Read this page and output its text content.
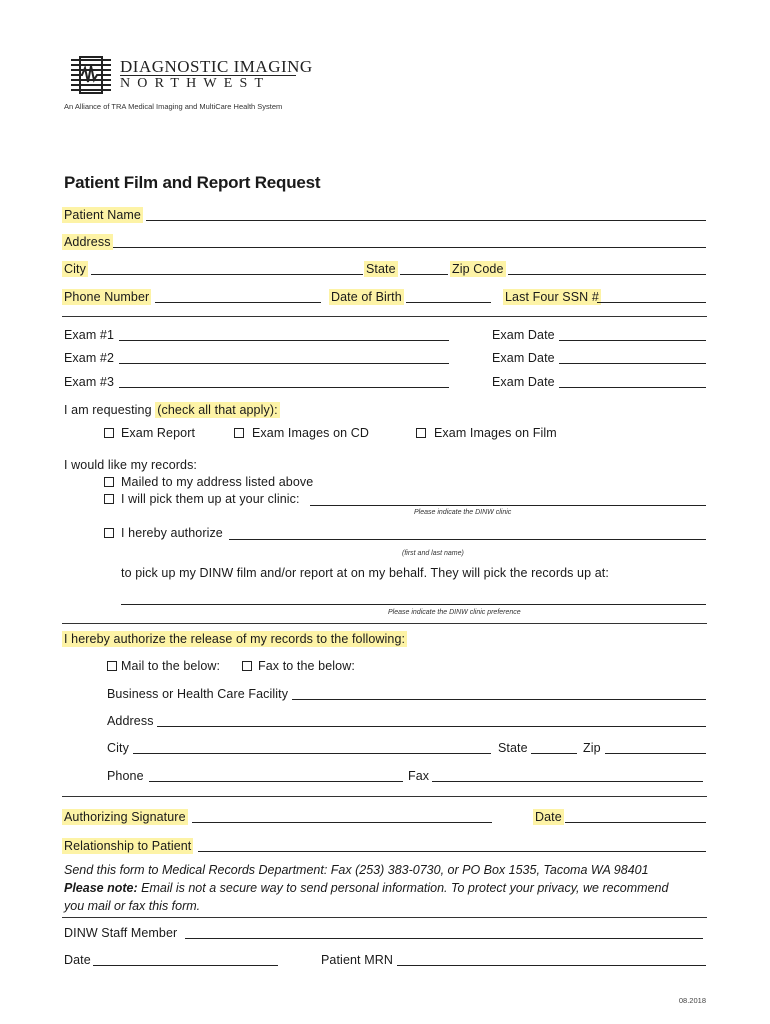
DIAGNOSTIC IMAGING
NORTHWEST
An Alliance of TRA Medical Imaging and MultiCare Health System
Patient Film and Report Request
Patient Name
Address
City	State	Zip Code
Phone Number	Date of Birth	Last Four SSN #
Exam #1	Exam Date
Exam #2	Exam Date
Exam #3	Exam Date
I am requesting (check all that apply):
Exam Report	Exam Images on CD	Exam Images on Film
I would like my records:
Mailed to my address listed above
I will pick them up at your clinic:
Please indicate the DINW clinic
I hereby authorize
(first and last name)
to pick up my DINW film and/or report at on my behalf. They will pick the records up at:
Please indicate the DINW clinic preference
I hereby authorize the release of my records to the following:
Mail to the below:	Fax to the below:
Business or Health Care Facility
Address
City	State	Zip
Phone	Fax
Authorizing Signature	Date
Relationship to Patient
Send this form to Medical Records Department: Fax (253) 383-0730, or PO Box 1535, Tacoma WA 98401
Please note: Email is not a secure way to send personal information. To protect your privacy, we recommend
you mail or fax this form.
DINW Staff Member
Date	Patient MRN
08.2018
